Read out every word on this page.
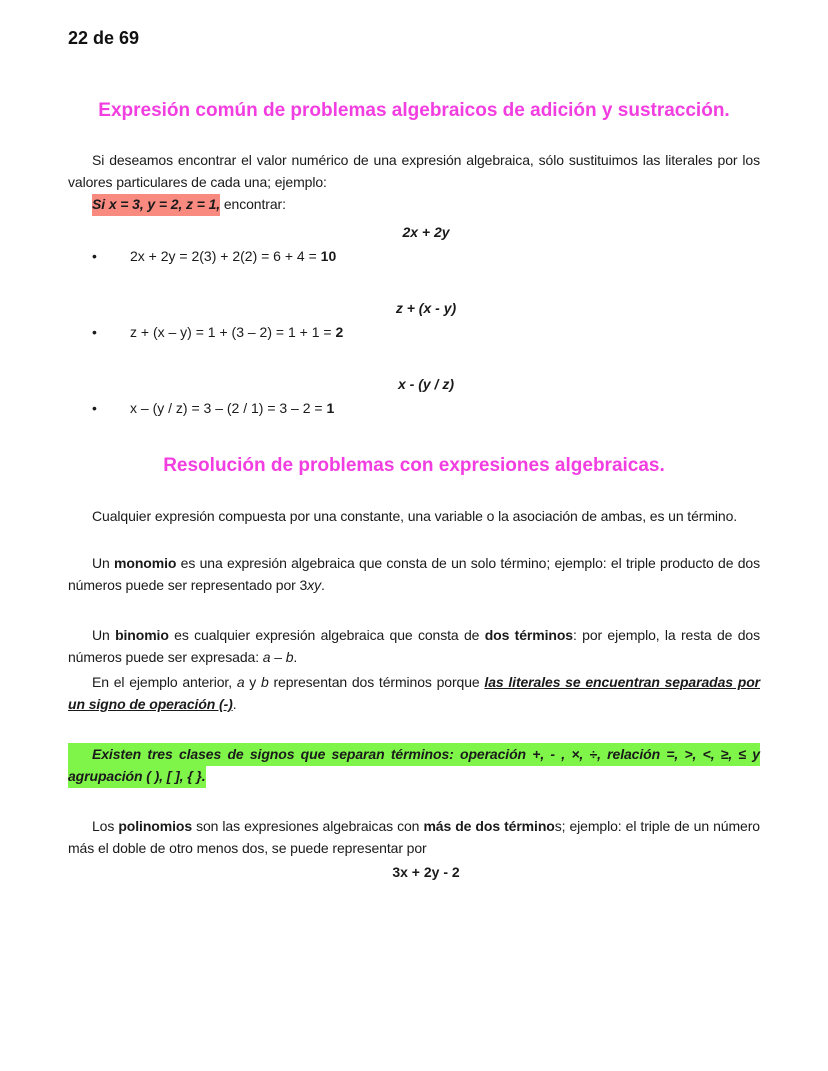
22 de 69
Expresión común de problemas algebraicos de adición y sustracción.
Si deseamos encontrar el valor numérico de una expresión algebraica, sólo sustituimos las literales por los valores particulares de cada una; ejemplo:
Si x = 3, y = 2, z = 1, encontrar:
2x + 2y
• 2x + 2y = 2(3) + 2(2) = 6 + 4 = 10
z + (x - y)
• z + (x – y) = 1 + (3 – 2) = 1 + 1 = 2
x - (y / z)
• x – (y / z) = 3 – (2 / 1) = 3 – 2 = 1
Resolución de problemas con expresiones algebraicas.
Cualquier expresión compuesta por una constante, una variable o la asociación de ambas, es un término.
Un monomio es una expresión algebraica que consta de un solo término; ejemplo: el triple producto de dos números puede ser representado por 3xy.
Un binomio es cualquier expresión algebraica que consta de dos términos: por ejemplo, la resta de dos números puede ser expresada: a – b.
En el ejemplo anterior, a y b representan dos términos porque las literales se encuentran separadas por un signo de operación (-).
Existen tres clases de signos que separan términos: operación +, - , ×, ÷, relación =, >, <, ≥, ≤ y agrupación ( ), [ ], { }.
Los polinomios son las expresiones algebraicas con más de dos términos; ejemplo: el triple de un número más el doble de otro menos dos, se puede representar por
3x + 2y - 2
